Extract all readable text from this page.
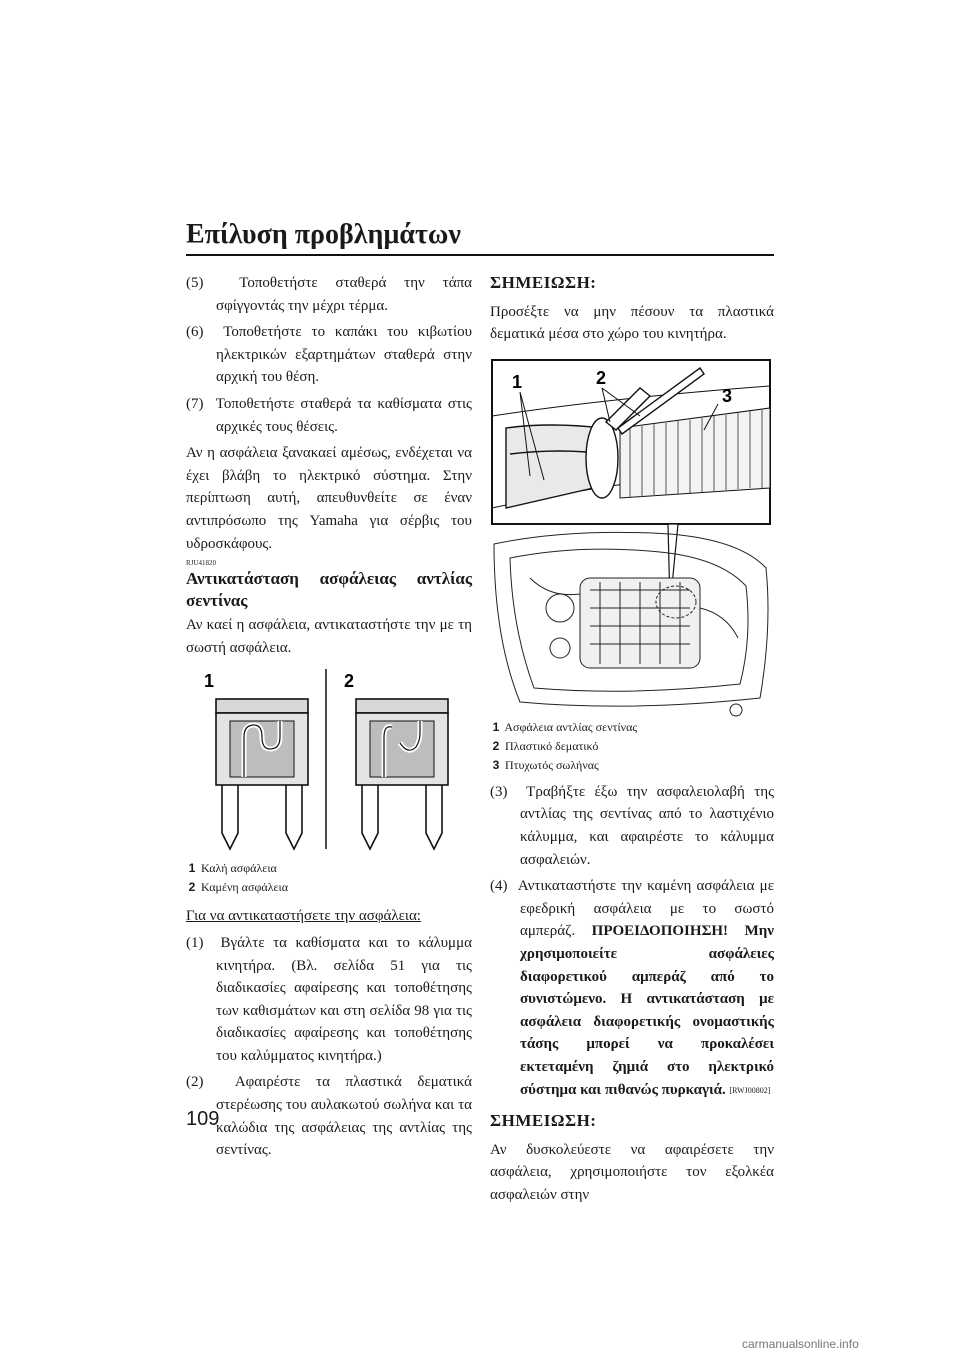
Επίλυση προβλημάτων

(5) Τοποθετήστε σταθερά την τάπα σφίγγοντάς την μέχρι τέρμα.

(6) Τοποθετήστε το καπάκι του κιβωτίου ηλεκτρικών εξαρτημάτων σταθερά στην αρχική του θέση.

(7) Τοποθετήστε σταθερά τα καθίσματα στις αρχικές τους θέσεις.

Αν η ασφάλεια ξανακαεί αμέσως, ενδέχεται να έχει βλάβη το ηλεκτρικό σύστημα. Στην περίπτωση αυτή, απευθυνθείτε σε έναν αντιπρόσωπο της Yamaha για σέρβις του υδροσκάφους.

RJU41820
Αντικατάσταση ασφάλειας αντλίας σεντίνας

Αν καεί η ασφάλεια, αντικαταστήστε την με τη σωστή ασφάλεια.

1	2

1 Καλή ασφάλεια

2 Καμένη ασφάλεια

Για να αντικαταστήσετε την ασφάλεια:

(1) Βγάλτε τα καθίσματα και το κάλυμμα κινητήρα. (Βλ. σελίδα 51 για τις διαδικασίες αφαίρεσης και τοποθέτησης των καθισμάτων και στη σελίδα 98 για τις διαδικασίες αφαίρεσης και τοποθέτησης του καλύμματος κινητήρα.)

(2) Αφαιρέστε τα πλαστικά δεματικά στερέωσης του αυλακωτού σωλήνα και τα καλώδια της ασφάλειας της αντλίας της σεντίνας.

ΣΗΜΕΙΩΣΗ:

Προσέξτε να μην πέσουν τα πλαστικά δεματικά μέσα στο χώρο του κινητήρα.

1	2
3

1 Ασφάλεια αντλίας σεντίνας

2 Πλαστικό δεματικό

3 Πτυχωτός σωλήνας

(3) Τραβήξτε έξω την ασφαλειολαβή της αντλίας της σεντίνας από το λαστιχένιο κάλυμμα, και αφαιρέστε το κάλυμμα ασφαλειών.

(4) Αντικαταστήστε την καμένη ασφάλεια με εφεδρική ασφάλεια με το σωστό αμπεράζ. ΠΡΟΕΙΔΟΠΟΙΗΣΗ! Μην χρησιμοποιείτε ασφάλειες διαφορετικού αμπεράζ από το συνιστώμενο. Η αντικατάσταση με ασφάλεια διαφορετικής ονομαστικής τάσης μπορεί να προκαλέσει εκτεταμένη ζημιά στο ηλεκτρικό σύστημα και πιθανώς πυρκαγιά. [RWJ00802]

ΣΗΜΕΙΩΣΗ:

Αν δυσκολεύεστε να αφαιρέσετε την ασφάλεια, χρησιμοποιήστε τον εξολκέα ασφαλειών στην

109
carmanualsonline.info
